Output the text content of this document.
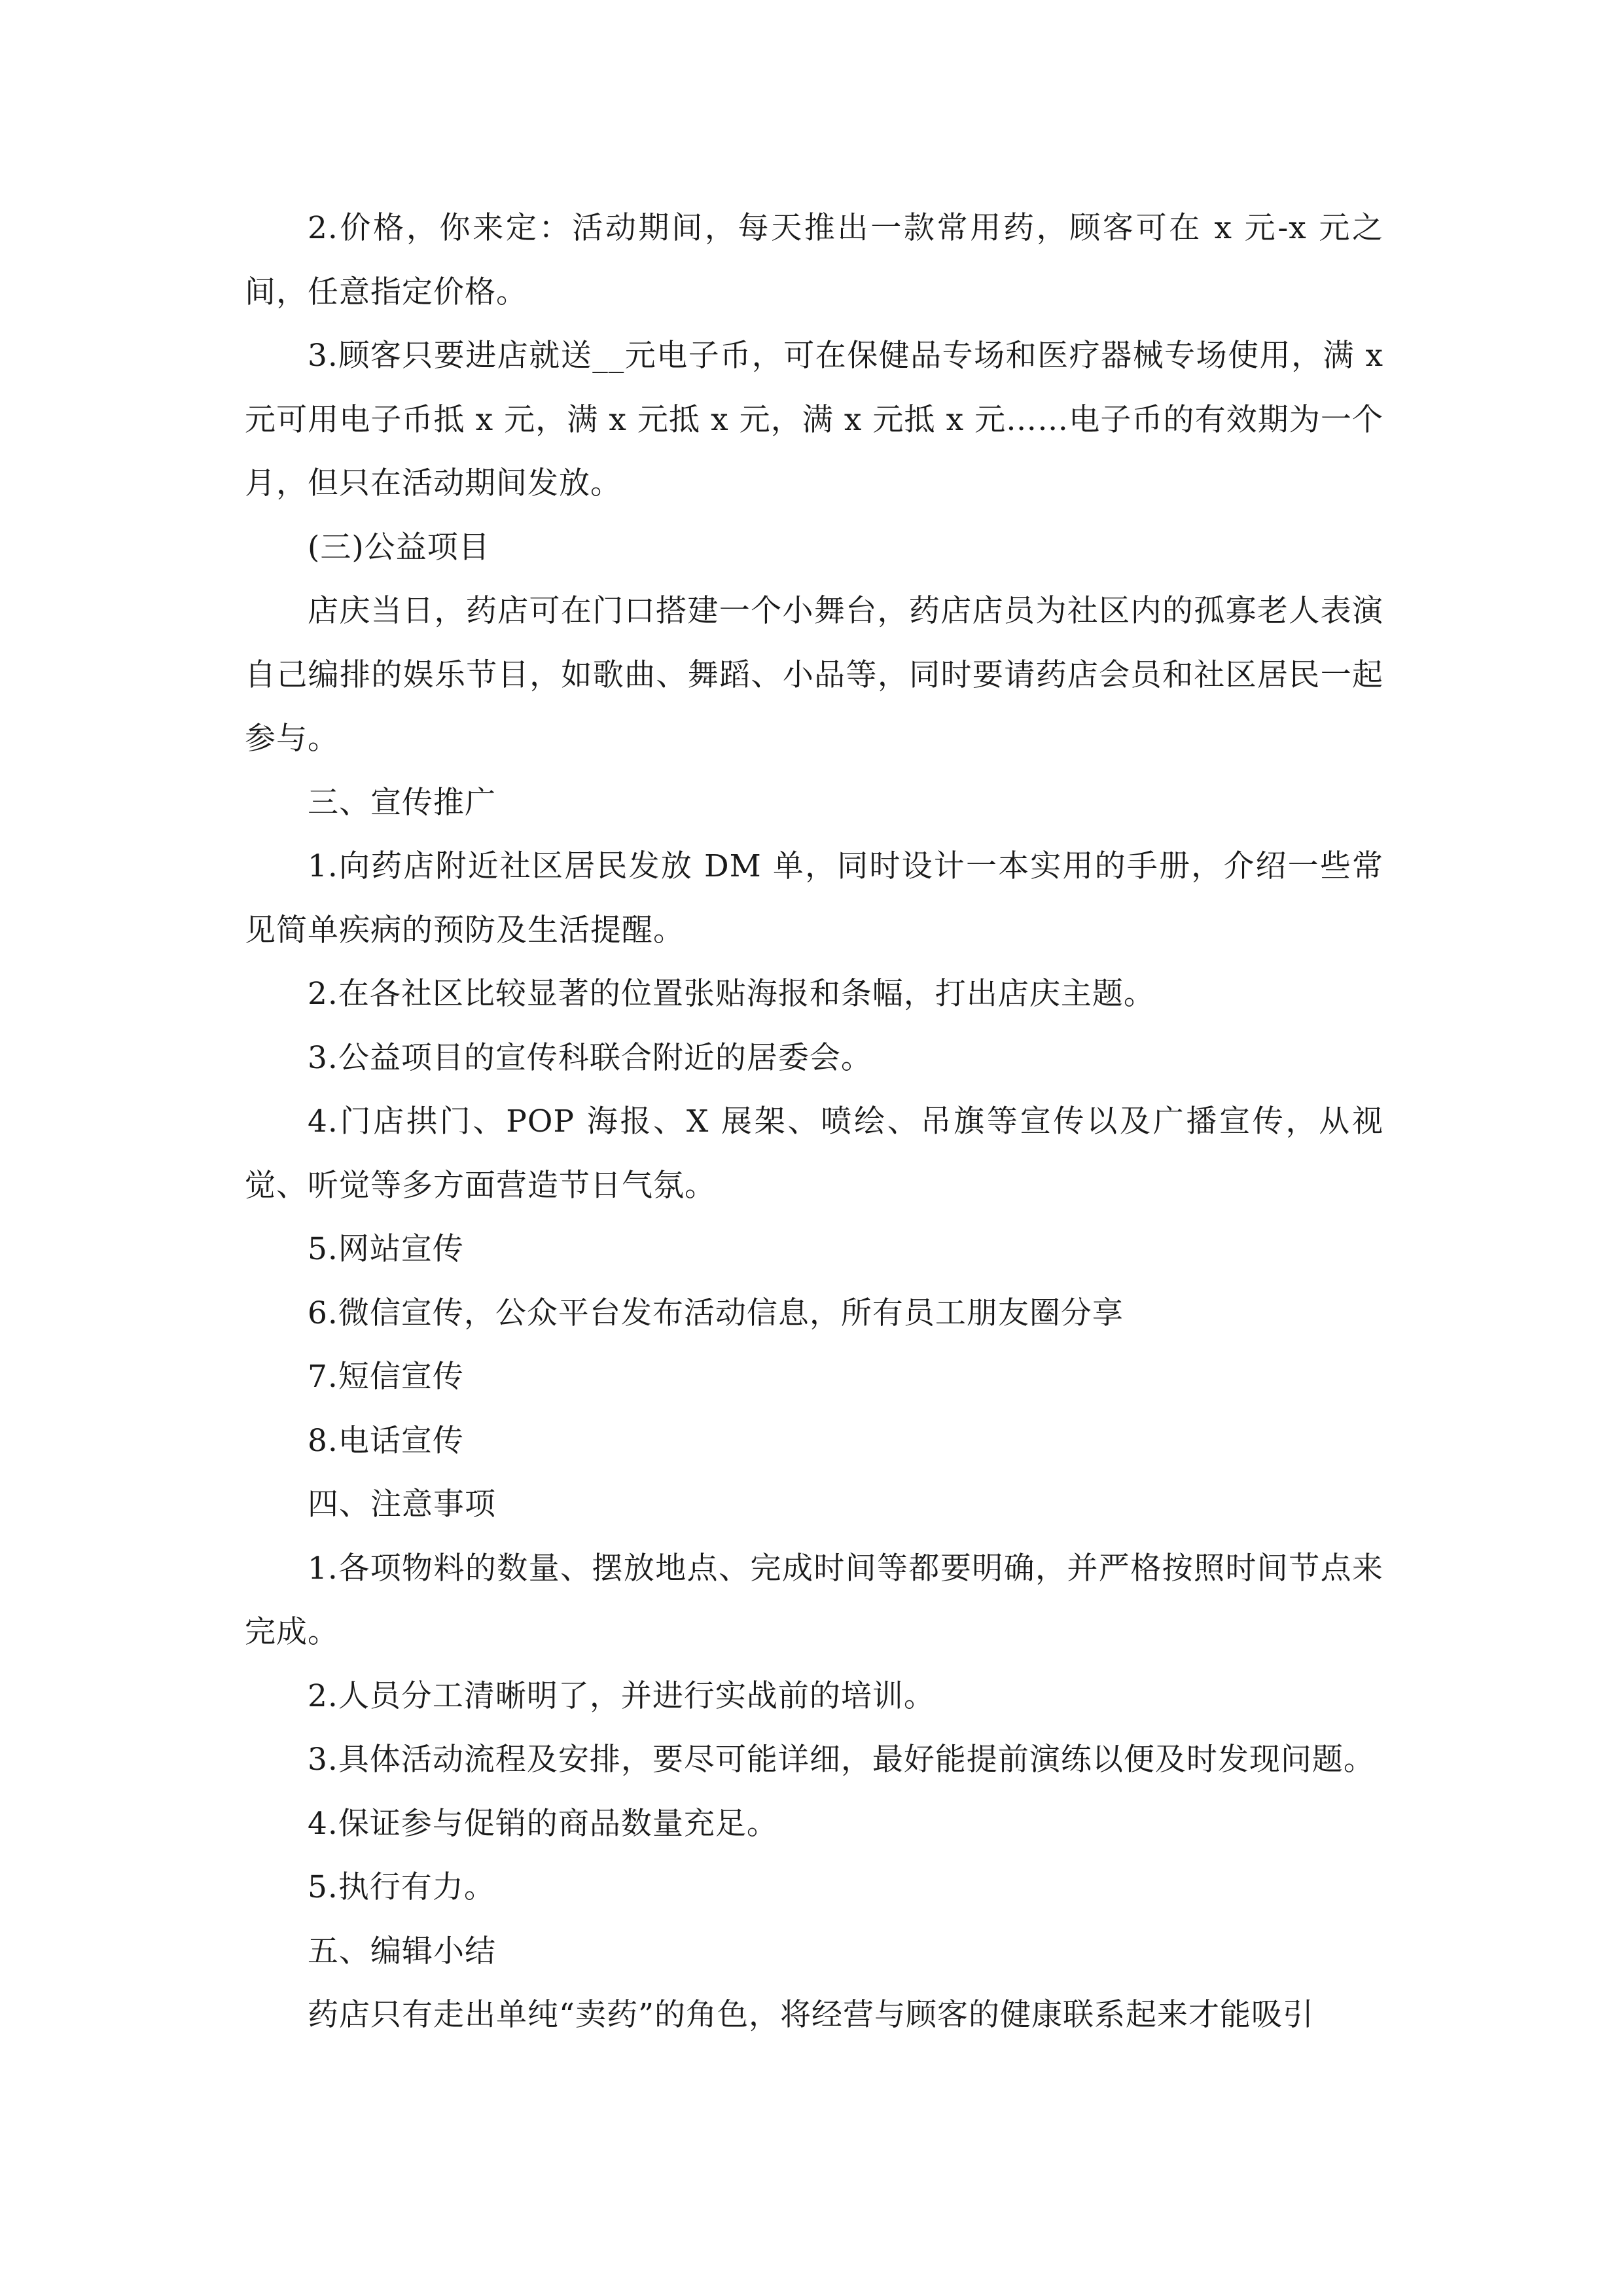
2.价格，你来定：活动期间，每天推出一款常用药，顾客可在 x 元-x 元之间，任意指定价格。

3.顾客只要进店就送__元电子币，可在保健品专场和医疗器械专场使用，满 x 元可用电子币抵 x 元，满 x 元抵 x 元，满 x 元抵 x 元……电子币的有效期为一个月，但只在活动期间发放。

(三)公益项目

店庆当日，药店可在门口搭建一个小舞台，药店店员为社区内的孤寡老人表演自己编排的娱乐节目，如歌曲、舞蹈、小品等，同时要请药店会员和社区居民一起参与。

三、宣传推广

1.向药店附近社区居民发放 DM 单，同时设计一本实用的手册，介绍一些常见简单疾病的预防及生活提醒。

2.在各社区比较显著的位置张贴海报和条幅，打出店庆主题。

3.公益项目的宣传科联合附近的居委会。

4.门店拱门、POP 海报、X 展架、喷绘、吊旗等宣传以及广播宣传，从视觉、听觉等多方面营造节日气氛。

5.网站宣传

6.微信宣传，公众平台发布活动信息，所有员工朋友圈分享

7.短信宣传

8.电话宣传

四、注意事项

1.各项物料的数量、摆放地点、完成时间等都要明确，并严格按照时间节点来完成。

2.人员分工清晰明了，并进行实战前的培训。

3.具体活动流程及安排，要尽可能详细，最好能提前演练以便及时发现问题。

4.保证参与促销的商品数量充足。

5.执行有力。

五、编辑小结

药店只有走出单纯“卖药”的角色，将经营与顾客的健康联系起来才能吸引
